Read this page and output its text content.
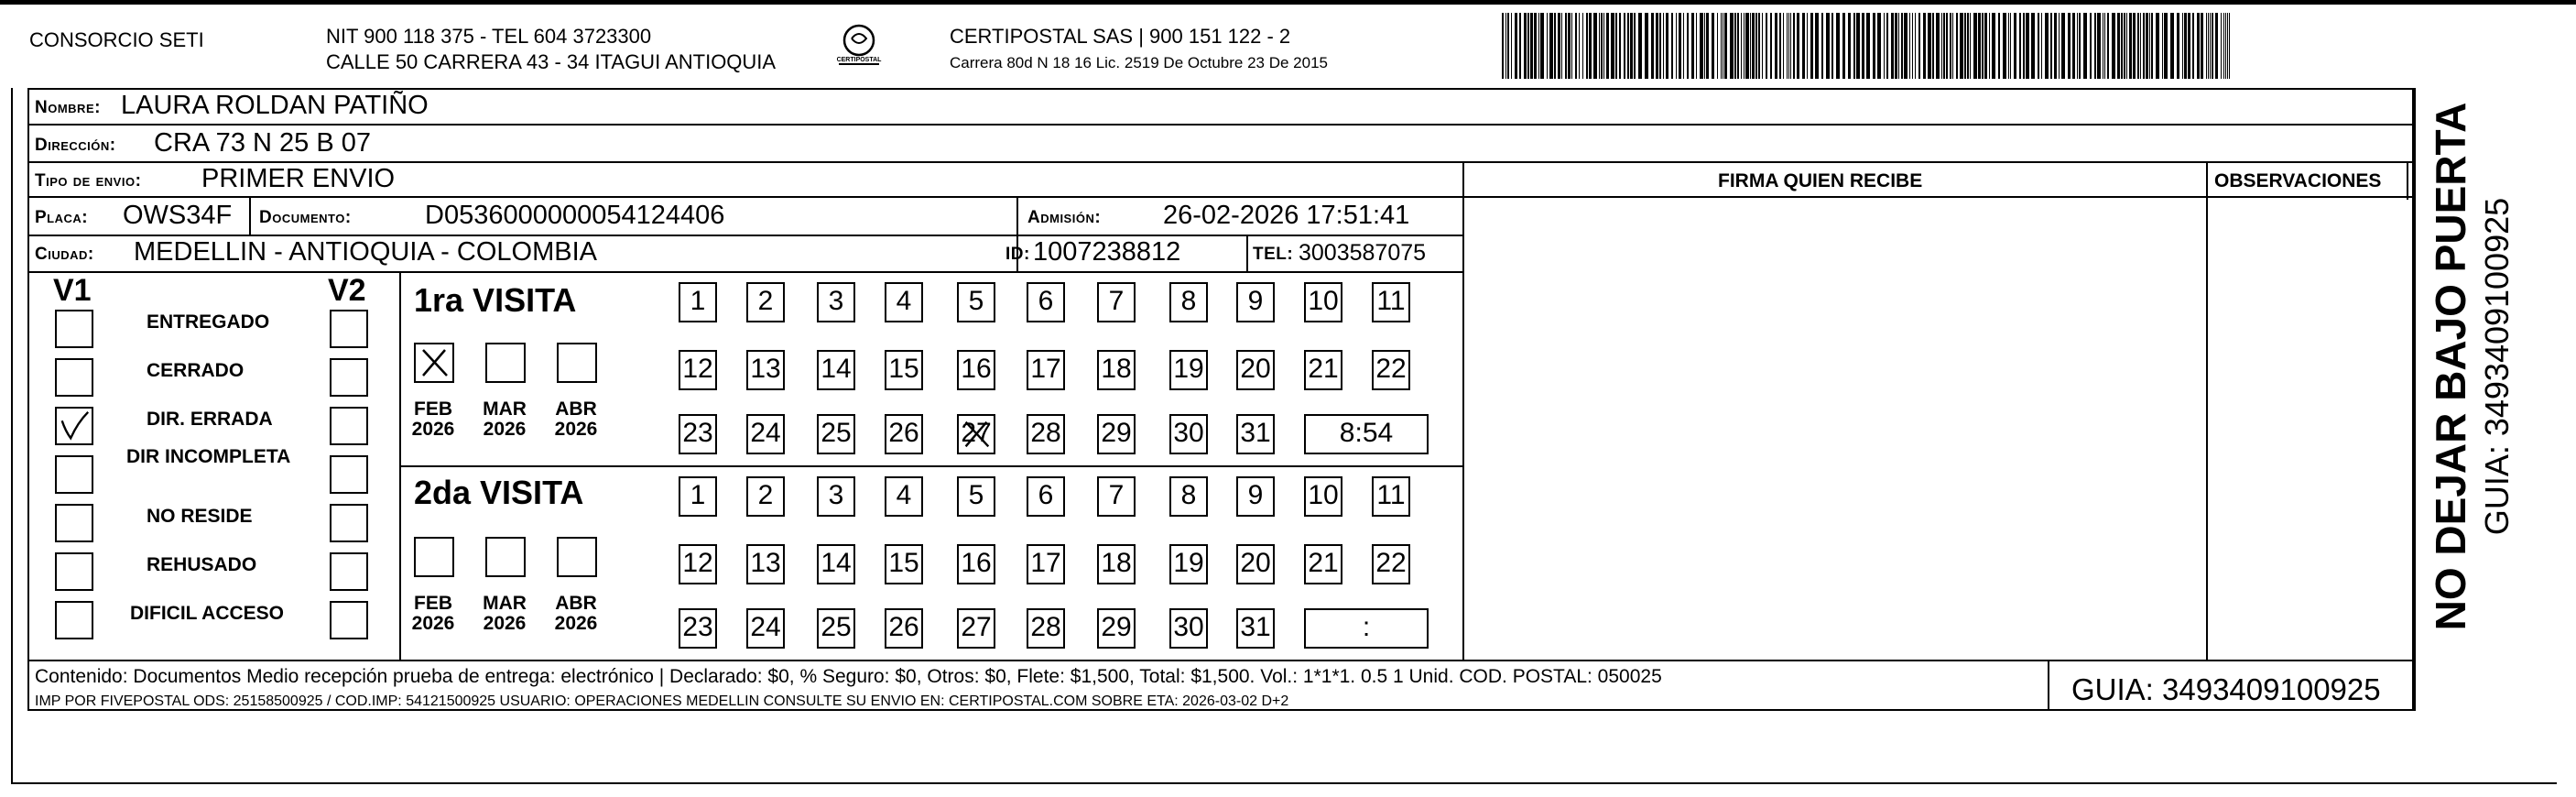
CONSORCIO SETI	NIT 900 118 375 - TEL 604 3723300
CALLE 50 CARRERA 43 - 34 ITAGUI ANTIOQUIA	CERTIPOSTAL
CERTIPOSTAL SAS | 900 151 122 - 2
Carrera 80d N 18 16 Lic. 2519 De Octubre 23 De 2015
Nombre: LAURA ROLDAN PATIÑO
Dirección: CRA 73 N 25 B 07
Tipo de envio: PRIMER ENVIO	FIRMA QUIEN RECIBE	OBSERVACIONES
Placa: OWS34F Documento:	D0536000000054124406	Admisión: 26-02-2026 17:51:41
Ciudad: MEDELLIN - ANTIOQUIA - COLOMBIA	ID: 1007238812	TEL: 3003587075
V1	V2
ENTREGADO
CERRADO
DIR. ERRADA
DIR INCOMPLETA
NO RESIDE
REHUSADO
DIFICIL ACCESO
1ra VISITA
2da VISITA
FEB
2026
MAR
2026
ABR
2026
1	2	3	4	5	6	7	8	9	10 11
12 13 14 15 16 17 18 19 20 21 22
23 24 25 26 27 28 29 30 31	8:54
FEB
2026
MAR
2026
ABR
2026
1	2	3	4	5	6	7	8	9	10 11
12 13 14 15 16 17 18 19 20 21 22
23 24 25 26 27 28 29 30 31	:
Contenido: Documentos Medio recepción prueba de entrega: electrónico | Declarado: $0, % Seguro: $0, Otros: $0, Flete: $1,500, Total: $1,500. Vol.: 1*1*1. 0.5 1 Unid. COD. POSTAL: 050025
IMP POR FIVEPOSTAL ODS: 25158500925 / COD.IMP: 54121500925 USUARIO: OPERACIONES MEDELLIN CONSULTE SU ENVIO EN: CERTIPOSTAL.COM SOBRE ETA: 2026-03-02 D+2	GUIA: 3493409100925
NO DEJAR BAJO PUERTA GUIA: 3493409100925
